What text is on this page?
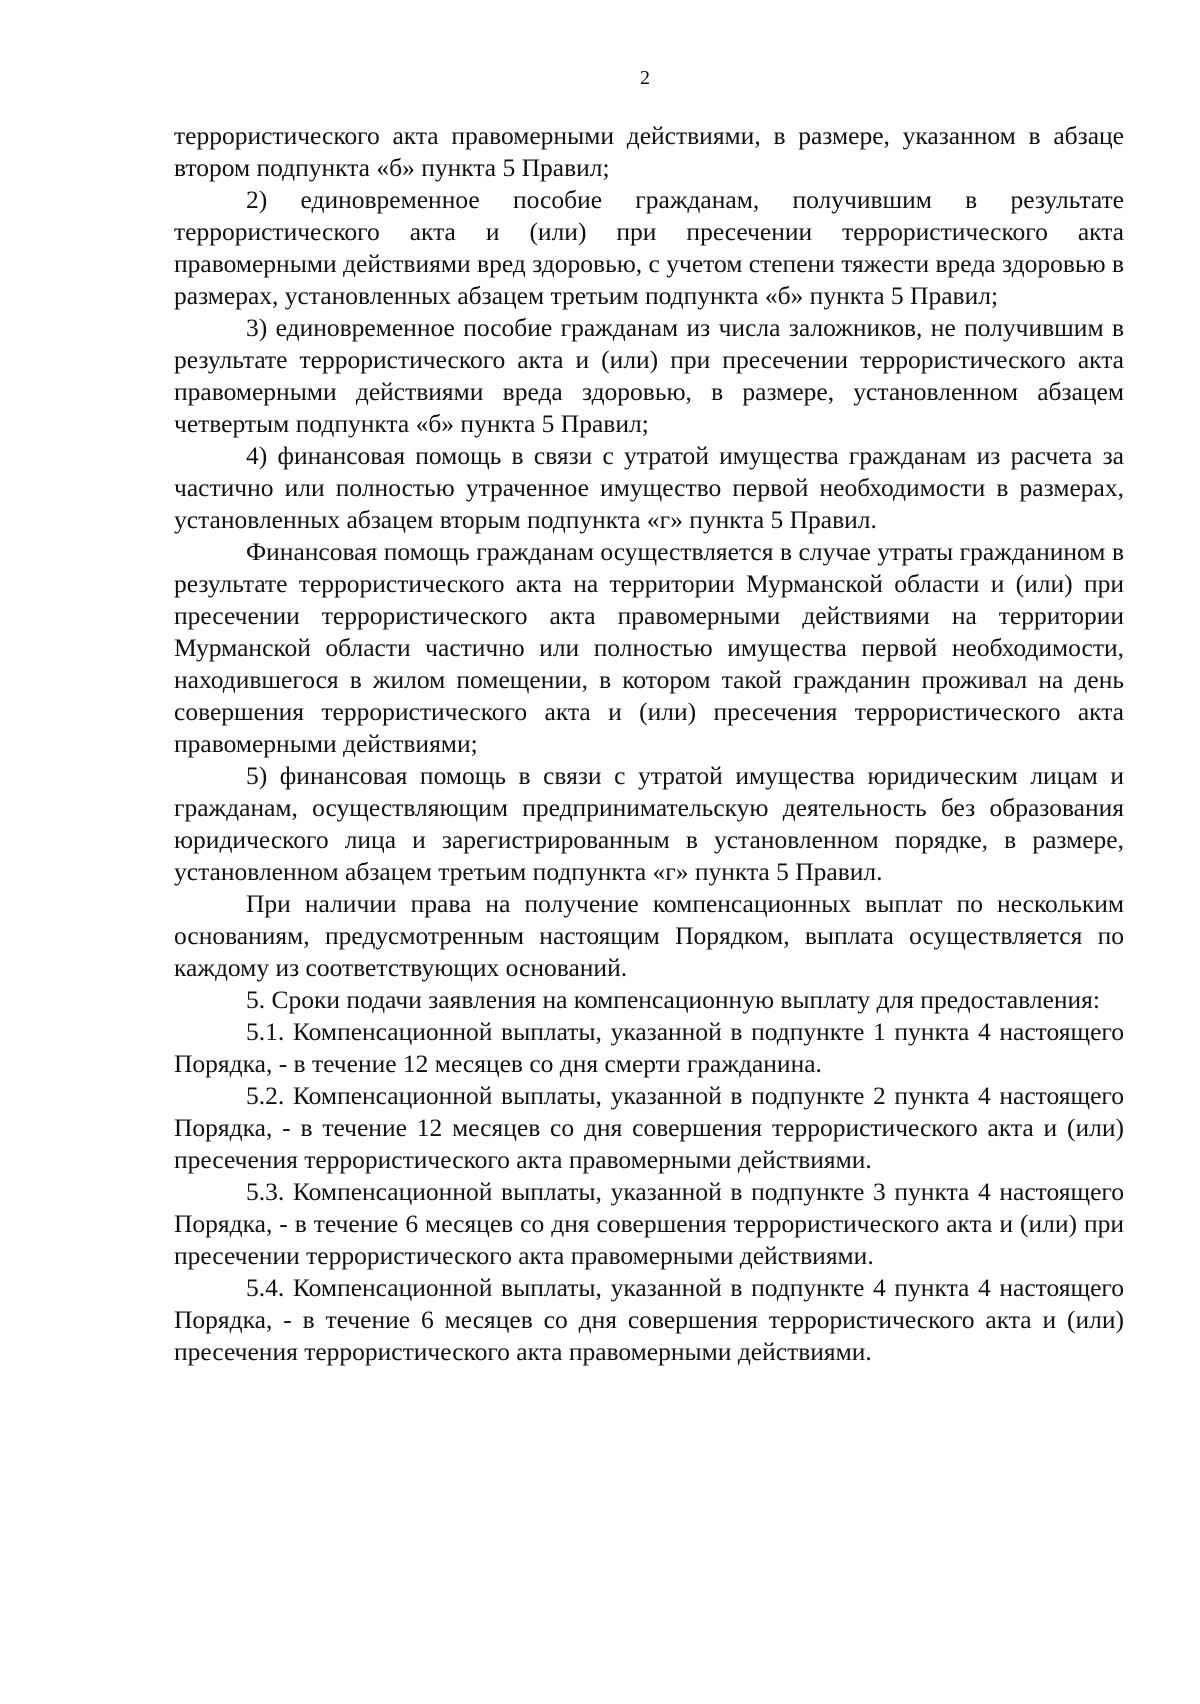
2

террористического акта правомерными действиями, в размере, указанном в абзаце втором подпункта «б» пункта 5 Правил;

2) единовременное пособие гражданам, получившим в результате террористического акта и (или) при пресечении террористического акта правомерными действиями вред здоровью, с учетом степени тяжести вреда здоровью в размерах, установленных абзацем третьим подпункта «б» пункта 5 Правил;

3) единовременное пособие гражданам из числа заложников, не получившим в результате террористического акта и (или) при пресечении террористического акта правомерными действиями вреда здоровью, в размере, установленном абзацем четвертым подпункта «б» пункта 5 Правил;

4) финансовая помощь в связи с утратой имущества гражданам из расчета за частично или полностью утраченное имущество первой необходимости в размерах, установленных абзацем вторым подпункта «г» пункта 5 Правил.

Финансовая помощь гражданам осуществляется в случае утраты гражданином в результате террористического акта на территории Мурманской области и (или) при пресечении террористического акта правомерными действиями на территории Мурманской области частично или полностью имущества первой необходимости, находившегося в жилом помещении, в котором такой гражданин проживал на день совершения террористического акта и (или) пресечения террористического акта правомерными действиями;

5) финансовая помощь в связи с утратой имущества юридическим лицам и гражданам, осуществляющим предпринимательскую деятельность без образования юридического лица и зарегистрированным в установленном порядке, в размере, установленном абзацем третьим подпункта «г» пункта 5 Правил.

При наличии права на получение компенсационных выплат по нескольким основаниям, предусмотренным настоящим Порядком, выплата осуществляется по каждому из соответствующих оснований.

5. Сроки подачи заявления на компенсационную выплату для предоставления:

5.1. Компенсационной выплаты, указанной в подпункте 1 пункта 4 настоящего Порядка, - в течение 12 месяцев со дня смерти гражданина.

5.2. Компенсационной выплаты, указанной в подпункте 2 пункта 4 настоящего Порядка, - в течение 12 месяцев со дня совершения террористического акта и (или) пресечения террористического акта правомерными действиями.

5.3. Компенсационной выплаты, указанной в подпункте 3 пункта 4 настоящего Порядка, - в течение 6 месяцев со дня совершения террористического акта и (или) при пресечении террористического акта правомерными действиями.

5.4. Компенсационной выплаты, указанной в подпункте 4 пункта 4 настоящего Порядка, - в течение 6 месяцев со дня совершения террористического акта и (или) пресечения террористического акта правомерными действиями.
